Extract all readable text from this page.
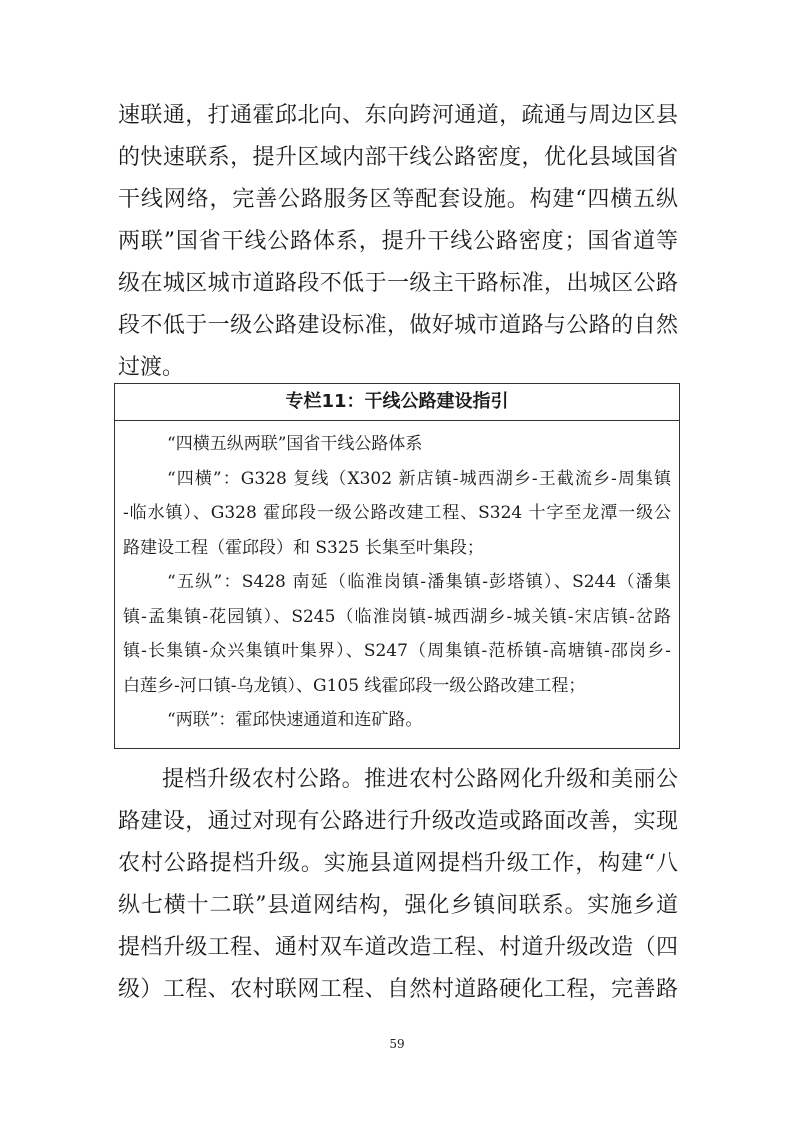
速联通，打通霍邱北向、东向跨河通道，疏通与周边区县
的快速联系，提升区域内部干线公路密度，优化县域国省
干线网络，完善公路服务区等配套设施。构建“四横五纵
两联”国省干线公路体系，提升干线公路密度；国省道等
级在城区城市道路段不低于一级主干路标准，出城区公路
段不低于一级公路建设标准，做好城市道路与公路的自然
过渡。
专栏11：干线公路建设指引
“四横五纵两联”国省干线公路体系
“四横”：G328 复线（X302 新店镇-城西湖乡-王截流乡-周集镇
-临水镇）、G328 霍邱段一级公路改建工程、S324 十字至龙潭一级公
路建设工程（霍邱段）和 S325 长集至叶集段；
“五纵”：S428 南延（临淮岗镇-潘集镇-彭塔镇）、S244（潘集
镇-孟集镇-花园镇）、S245（临淮岗镇-城西湖乡-城关镇-宋店镇-岔路
镇-长集镇-众兴集镇叶集界）、S247（周集镇-范桥镇-高塘镇-邵岗乡-
白莲乡-河口镇-乌龙镇）、G105 线霍邱段一级公路改建工程；
“两联”：霍邱快速通道和连矿路。
提档升级农村公路。推进农村公路网化升级和美丽公
路建设，通过对现有公路进行升级改造或路面改善，实现
农村公路提档升级。实施县道网提档升级工作，构建“八
纵七横十二联”县道网结构，强化乡镇间联系。实施乡道
提档升级工程、通村双车道改造工程、村道升级改造（四
级）工程、农村联网工程、自然村道路硬化工程，完善路
59
